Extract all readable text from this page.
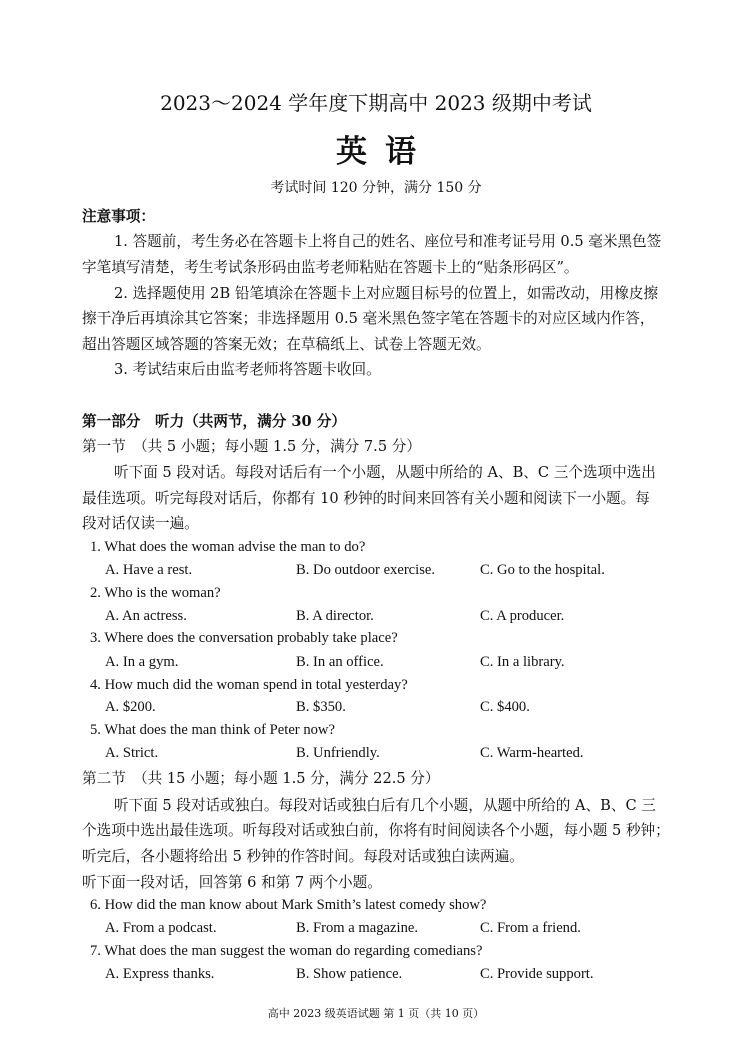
2023～2024 学年度下期高中 2023 级期中考试
英语
考试时间 120 分钟，满分 150 分
注意事项：
1. 答题前，考生务必在答题卡上将自己的姓名、座位号和准考证号用 0.5 毫米黑色签
字笔填写清楚，考生考试条形码由监考老师粘贴在答题卡上的“贴条形码区”。
2. 选择题使用 2B 铅笔填涂在答题卡上对应题目标号的位置上，如需改动，用橡皮擦
擦干净后再填涂其它答案；非选择题用 0.5 毫米黑色签字笔在答题卡的对应区域内作答，
超出答题区域答题的答案无效；在草稿纸上、试卷上答题无效。
3. 考试结束后由监考老师将答题卡收回。
第一部分　听力（共两节，满分 30 分）
第一节　（共 5 小题；每小题 1.5 分，满分 7.5 分）
听下面 5 段对话。每段对话后有一个小题，从题中所给的 A、B、C 三个选项中选出
最佳选项。听完每段对话后，你都有 10 秒钟的时间来回答有关小题和阅读下一小题。每
段对话仅读一遍。
1. What does the woman advise the man to do?
A. Have a rest.	B. Do outdoor exercise.	C. Go to the hospital.
2. Who is the woman?
A. An actress.	B. A director.	C. A producer.
3. Where does the conversation probably take place?
A. In a gym.	B. In an office.	C. In a library.
4. How much did the woman spend in total yesterday?
A. $200.	B. $350.	C. $400.
5. What does the man think of Peter now?
A. Strict.	B. Unfriendly.	C. Warm-hearted.
第二节　（共 15 小题；每小题 1.5 分，满分 22.5 分）
听下面 5 段对话或独白。每段对话或独白后有几个小题，从题中所给的 A、B、C 三
个选项中选出最佳选项。听每段对话或独白前，你将有时间阅读各个小题，每小题 5 秒钟；
听完后，各小题将给出 5 秒钟的作答时间。每段对话或独白读两遍。
听下面一段对话，回答第 6 和第 7 两个小题。
6. How did the man know about Mark Smith’s latest comedy show?
A. From a podcast.	B. From a magazine.	C. From a friend.
7. What does the man suggest the woman do regarding comedians?
A. Express thanks.	B. Show patience.	C. Provide support.
高中 2023 级英语试题 第 1 页（共 10 页）
